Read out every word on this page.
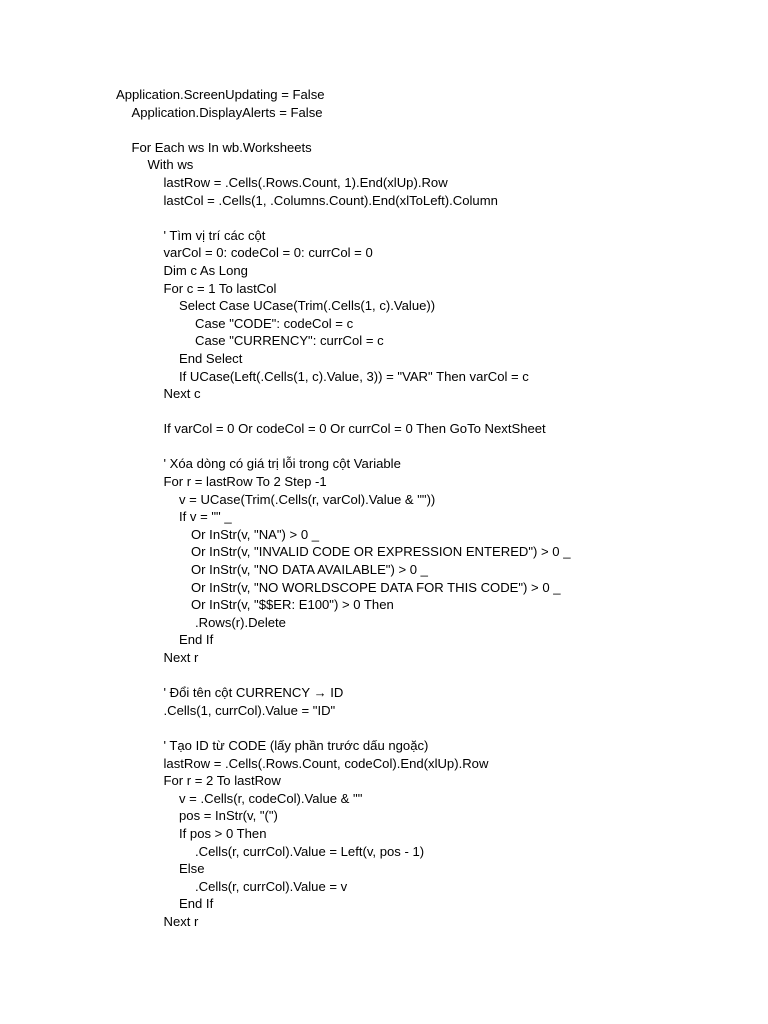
Application.ScreenUpdating = False
Application.DisplayAlerts = False
For Each ws In wb.Worksheets
With ws
lastRow = .Cells(.Rows.Count, 1).End(xlUp).Row
lastCol = .Cells(1, .Columns.Count).End(xlToLeft).Column
' Tìm vị trí các cột
varCol = 0: codeCol = 0: currCol = 0
Dim c As Long
For c = 1 To lastCol
Select Case UCase(Trim(.Cells(1, c).Value))
Case "CODE": codeCol = c
Case "CURRENCY": currCol = c
End Select
If UCase(Left(.Cells(1, c).Value, 3)) = "VAR" Then varCol = c
Next c
If varCol = 0 Or codeCol = 0 Or currCol = 0 Then GoTo NextSheet
' Xóa dòng có giá trị lỗi trong cột Variable
For r = lastRow To 2 Step -1
v = UCase(Trim(.Cells(r, varCol).Value & ""))
If v = "" _
Or InStr(v, "NA") > 0 _
Or InStr(v, "INVALID CODE OR EXPRESSION ENTERED") > 0 _
Or InStr(v, "NO DATA AVAILABLE") > 0 _
Or InStr(v, "NO WORLDSCOPE DATA FOR THIS CODE") > 0 _
Or InStr(v, "$$ER: E100") > 0 Then
.Rows(r).Delete
End If
Next r
' Đổi tên cột CURRENCY → ID
.Cells(1, currCol).Value = "ID"
' Tạo ID từ CODE (lấy phần trước dấu ngoặc)
lastRow = .Cells(.Rows.Count, codeCol).End(xlUp).Row
For r = 2 To lastRow
v = .Cells(r, codeCol).Value & ""
pos = InStr(v, "(")
If pos > 0 Then
.Cells(r, currCol).Value = Left(v, pos - 1)
Else
.Cells(r, currCol).Value = v
End If
Next r
